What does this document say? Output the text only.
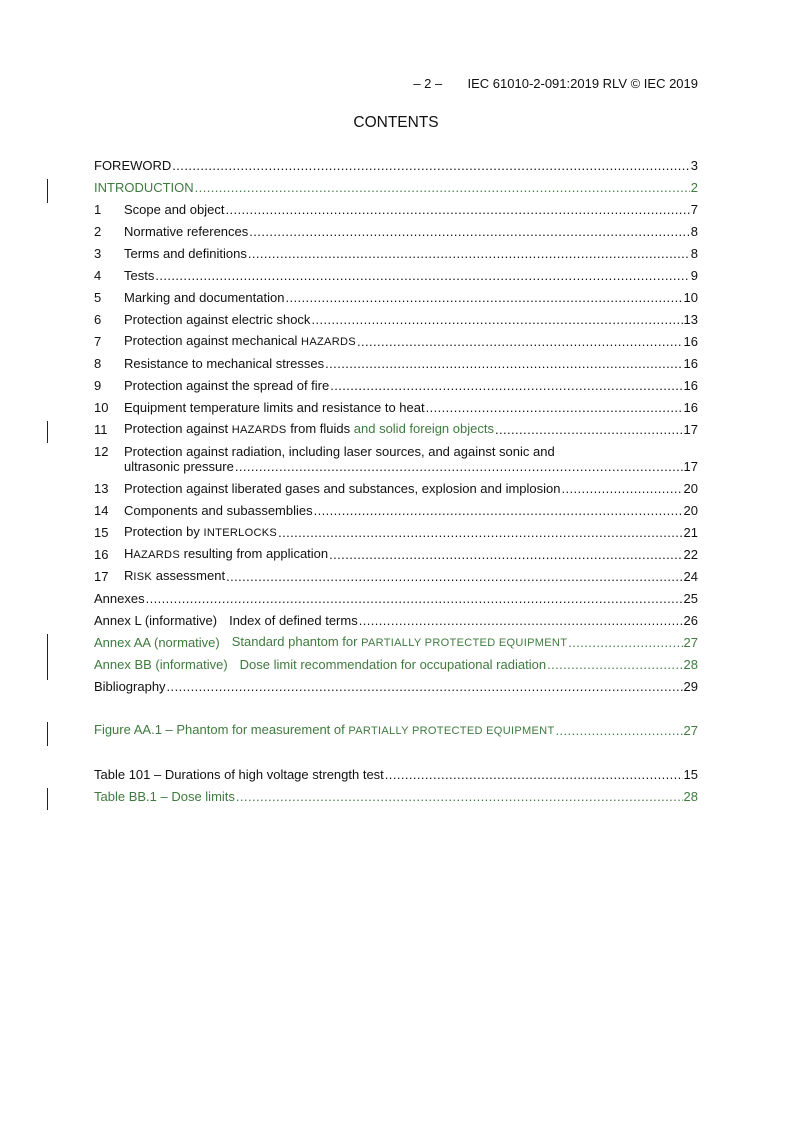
– 2 –       IEC 61010-2-091:2019 RLV © IEC 2019
CONTENTS
FOREWORD .....	3
INTRODUCTION .....	2
1	Scope and object .....	7
2	Normative references .....	8
3	Terms and definitions .....	8
4	Tests .....	9
5	Marking and documentation .....	10
6	Protection against electric shock .....	13
7	Protection against mechanical HAZARDS .....	16
8	Resistance to mechanical stresses .....	16
9	Protection against the spread of fire .....	16
10	Equipment temperature limits and resistance to heat .....	16
11	Protection against HAZARDS from fluids and solid foreign objects .....	17
12 Protection against radiation, including laser sources, and against sonic and
ultrasonic pressure .....	17
13	Protection against liberated gases and substances, explosion and implosion .....	20
14	Components and subassemblies .....	20
15	Protection by INTERLOCKS .....	21
16	HAZARDS resulting from application .....	22
17	RISK assessment .....	24
Annexes .....	25
Annex L (informative) Index of defined terms .....	26
Annex AA (normative) Standard phantom for PARTIALLY PROTECTED EQUIPMENT .....	27
Annex BB (informative) Dose limit recommendation for occupational radiation .....	28
Bibliography .....	29
Figure AA.1 – Phantom for measurement of PARTIALLY PROTECTED EQUIPMENT .....	27
Table 101 – Durations of high voltage strength test .....	15
Table BB.1 – Dose limits .....	28
